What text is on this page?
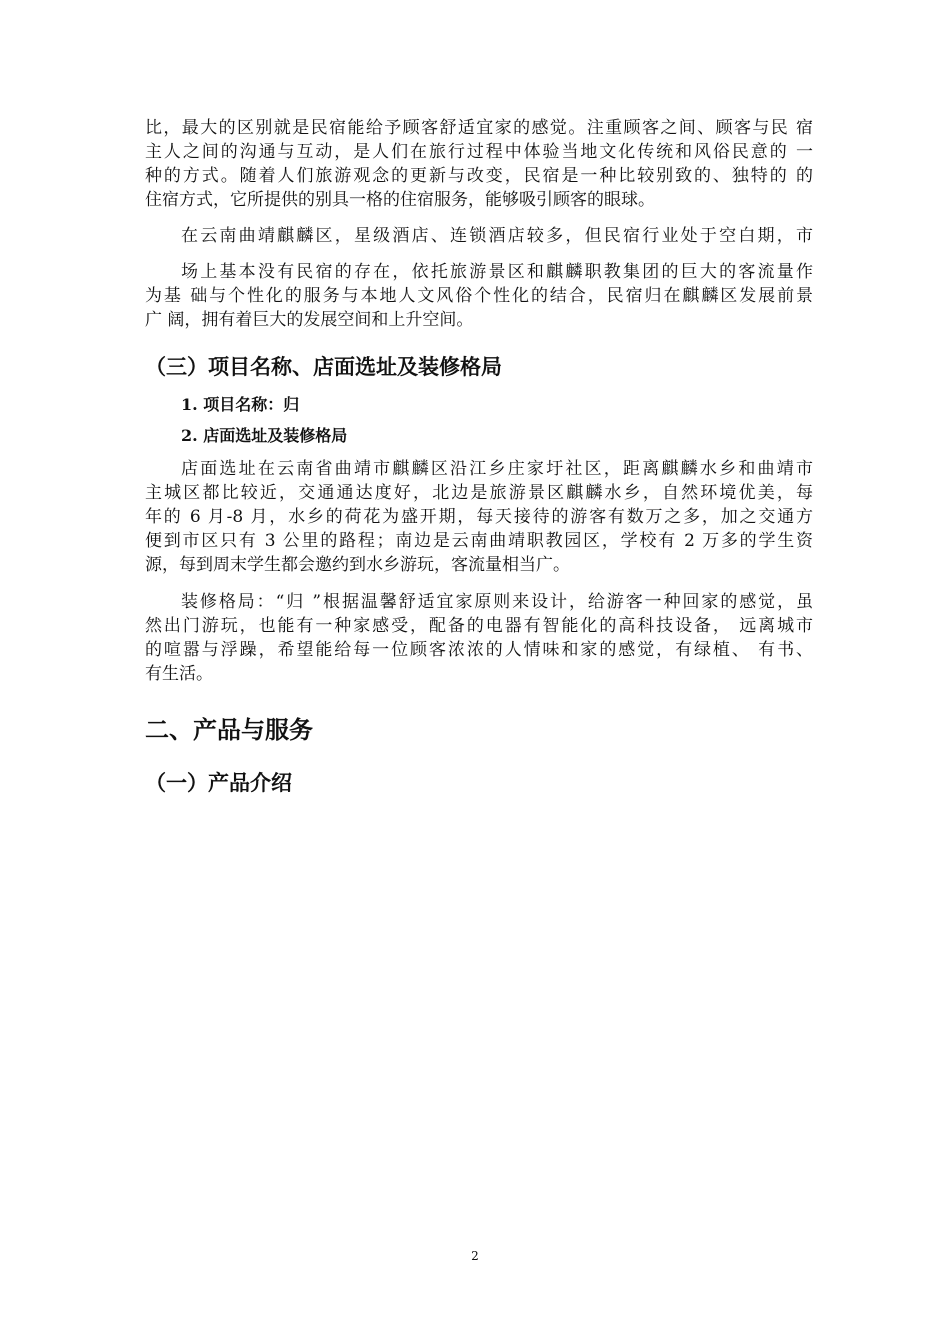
比，最大的区别就是民宿能给予顾客舒适宜家的感觉。注重顾客之间、顾客与民 宿
主人之间的沟通与互动，是人们在旅行过程中体验当地文化传统和风俗民意的 一
种的方式。随着人们旅游观念的更新与改变，民宿是一种比较别致的、独特的 的
住宿方式，它所提供的别具一格的住宿服务，能够吸引顾客的眼球。
在云南曲靖麒麟区，星级酒店、连锁酒店较多，但民宿行业处于空白期，市
场上基本没有民宿的存在，依托旅游景区和麒麟职教集团的巨大的客流量作
为基 础与个性化的服务与本地人文风俗个性化的结合，民宿归在麒麟区发展前景
广 阔，拥有着巨大的发展空间和上升空间。
（三）项目名称、店面选址及装修格局
1. 项目名称：归
2. 店面选址及装修格局
店面选址在云南省曲靖市麒麟区沿江乡庄家圩社区，距离麒麟水乡和曲靖市
主城区都比较近，交通通达度好，北边是旅游景区麒麟水乡，自然环境优美，每
年的 6 月-8 月，水乡的荷花为盛开期，每天接待的游客有数万之多，加之交通方
便到市区只有 3 公里的路程；南边是云南曲靖职教园区，学校有 2 万多的学生资
源，每到周末学生都会邀约到水乡游玩，客流量相当广。
装修格局：“归 ”根据温馨舒适宜家原则来设计，给游客一种回家的感觉，虽
然出门游玩，也能有一种家感受，配备的电器有智能化的高科技设备， 远离城市
的喧嚣与浮躁，希望能给每一位顾客浓浓的人情味和家的感觉，有绿植、 有书、
有生活。
二、产品与服务
（一）产品介绍
2
